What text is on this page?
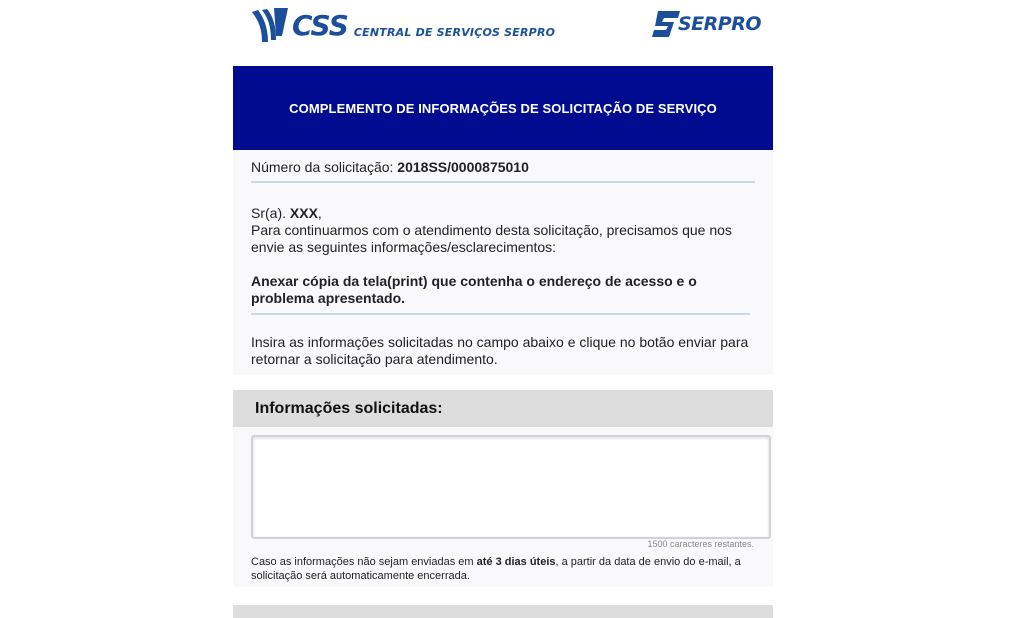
CSS CENTRAL DE SERVIÇOS SERPRO	SERPRO
COMPLEMENTO DE INFORMAÇÕES DE SOLICITAÇÃO DE SERVIÇO
Número da solicitação: 2018SS/0000875010
Sr(a). XXX,
Para continuarmos com o atendimento desta solicitação, precisamos que nos envie as seguintes informações/esclarecimentos:
Anexar cópia da tela(print) que contenha o endereço de acesso e o problema apresentado.
Insira as informações solicitadas no campo abaixo e clique no botão enviar para retornar a solicitação para atendimento.
Informações solicitadas:
1500 caracteres restantes.
Caso as informações não sejam enviadas em até 3 dias úteis, a partir da data de envio do e-mail, a solicitação será automaticamente encerrada.
